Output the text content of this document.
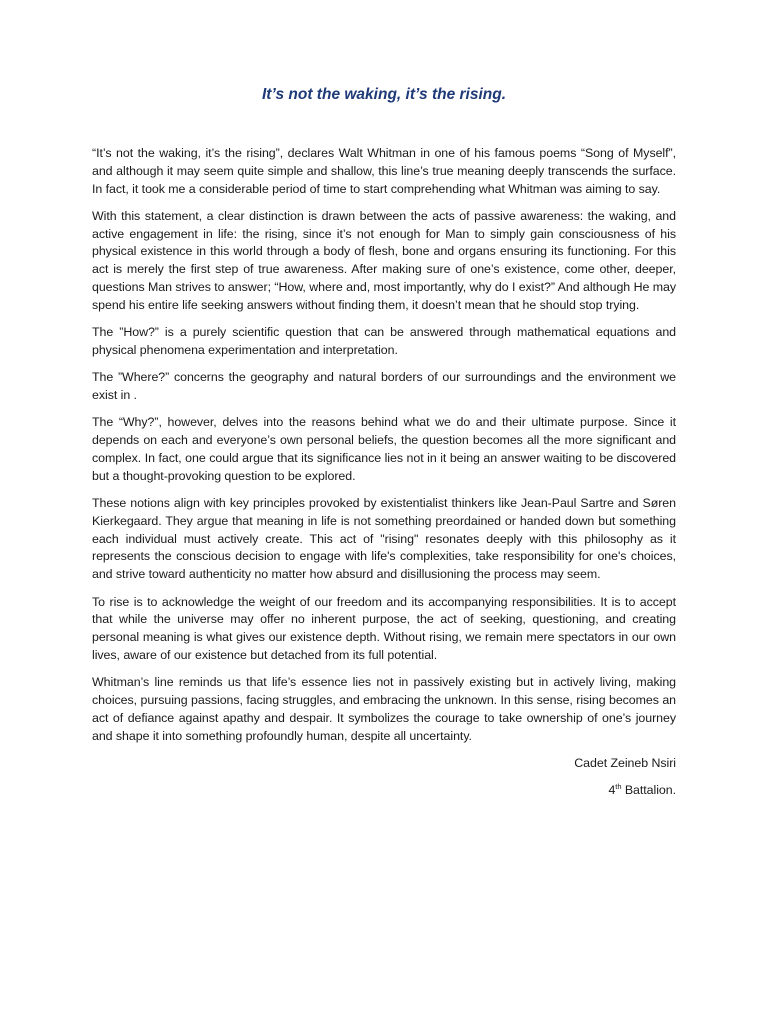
It’s not the waking, it’s the rising.

“It’s not the waking, it’s the rising”, declares Walt Whitman in one of his famous poems “Song of Myself”, and although it may seem quite simple and shallow, this line’s true meaning deeply transcends the surface. In fact, it took me a considerable period of time to start comprehending what Whitman was aiming to say.

With this statement, a clear distinction is drawn between the acts of passive awareness: the waking, and active engagement in life: the rising, since it’s not enough for Man to simply gain consciousness of his physical existence in this world through a body of flesh, bone and organs ensuring its functioning. For this act is merely the first step of true awareness. After making sure of one’s existence, come other, deeper, questions Man strives to answer; “How, where and, most importantly, why do I exist?” And although He may spend his entire life seeking answers without finding them, it doesn’t mean that he should stop trying.

The ”How?” is a purely scientific question that can be answered through mathematical equations and physical phenomena experimentation and interpretation.

The ”Where?” concerns the geography and natural borders of our surroundings and the environment we exist in .

The “Why?”, however, delves into the reasons behind what we do and their ultimate purpose. Since it depends on each and everyone’s own personal beliefs, the question becomes all the more significant and complex. In fact, one could argue that its significance lies not in it being an answer waiting to be discovered but a thought-provoking question to be explored.

These notions align with key principles provoked by existentialist thinkers like Jean-Paul Sartre and Søren Kierkegaard. They argue that meaning in life is not something preordained or handed down but something each individual must actively create. This act of "rising" resonates deeply with this philosophy as it represents the conscious decision to engage with life's complexities, take responsibility for one's choices, and strive toward authenticity no matter how absurd and disillusioning the process may seem.

To rise is to acknowledge the weight of our freedom and its accompanying responsibilities. It is to accept that while the universe may offer no inherent purpose, the act of seeking, questioning, and creating personal meaning is what gives our existence depth. Without rising, we remain mere spectators in our own lives, aware of our existence but detached from its full potential.

Whitman’s line reminds us that life’s essence lies not in passively existing but in actively living, making choices, pursuing passions, facing struggles, and embracing the unknown. In this sense, rising becomes an act of defiance against apathy and despair. It symbolizes the courage to take ownership of one’s journey and shape it into something profoundly human, despite all uncertainty.

Cadet Zeineb Nsiri

4th Battalion.
